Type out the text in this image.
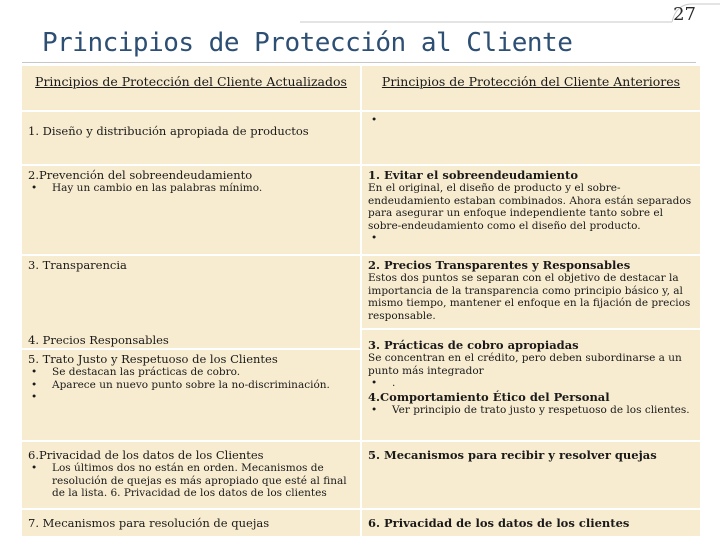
27
Principios de Protección al Cliente
Principios de Protección del Cliente Actualizados	Principios de Protección del Cliente Anteriores
1. Diseño y distribución apropiada de productos
2.Prevención del sobreendeudamiento
• Hay un cambio en las palabras mínimo.
1. Evitar el sobreendeudamiento
En el original, el diseño de producto y el sobre-endeudamiento estaban combinados. Ahora están separados para asegurar un enfoque independiente tanto sobre el sobre-endeudamiento como el diseño del producto.
3. Transparencia
4. Precios Responsables
2. Precios Transparentes y Responsables
Estos dos puntos se separan con el objetivo de destacar la importancia de la transparencia como principio básico y, al mismo tiempo, mantener el enfoque en la fijación de precios responsable.
5. Trato Justo y Respetuoso de los Clientes
• Se destacan las prácticas de cobro.
• Aparece un nuevo punto sobre la no-discriminación.
3. Prácticas de cobro apropiadas
Se concentran en el crédito, pero deben subordinarse a un punto más integrador
• .
4.Comportamiento Ético del Personal
• Ver principio de trato justo y respetuoso de los clientes.
6.Privacidad de los datos de los Clientes
• Los últimos dos no están en orden. Mecanismos de resolución de quejas es más apropiado que esté al final de la lista. 6. Privacidad de los datos de los clientes
5. Mecanismos para recibir y resolver quejas
7. Mecanismos para resolución de quejas	6. Privacidad de los datos de los clientes
